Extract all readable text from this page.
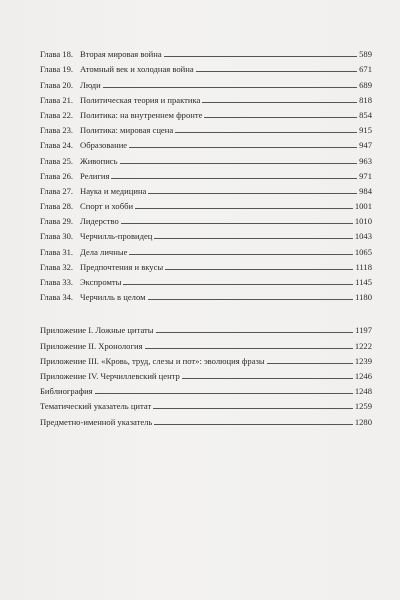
Глава 18. Вторая мировая война	589
Глава 19. Атомный век и холодная война	671
Глава 20. Люди	689
Глава 21. Политическая теория и практика	818
Глава 22. Политика: на внутреннем фронте	854
Глава 23. Политика: мировая сцена	915
Глава 24. Образование	947
Глава 25. Живопись	963
Глава 26. Религия	971
Глава 27. Наука и медицина	984
Глава 28. Спорт и хобби	1001
Глава 29. Лидерство	1010
Глава 30. Черчилль-провидец	1043
Глава 31. Дела личные	1065
Глава 32. Предпочтения и вкусы	1118
Глава 33. Экспромты	1145
Глава 34. Черчилль в целом	1180
Приложение I. Ложные цитаты	1197
Приложение II. Хронология	1222
Приложение III. «Кровь, труд, слезы и пот»: эволюция фразы	1239
Приложение IV. Черчиллевский центр	1246
Библиография	1248
Тематический указатель цитат	1259
Предметно-именной указатель	1280
